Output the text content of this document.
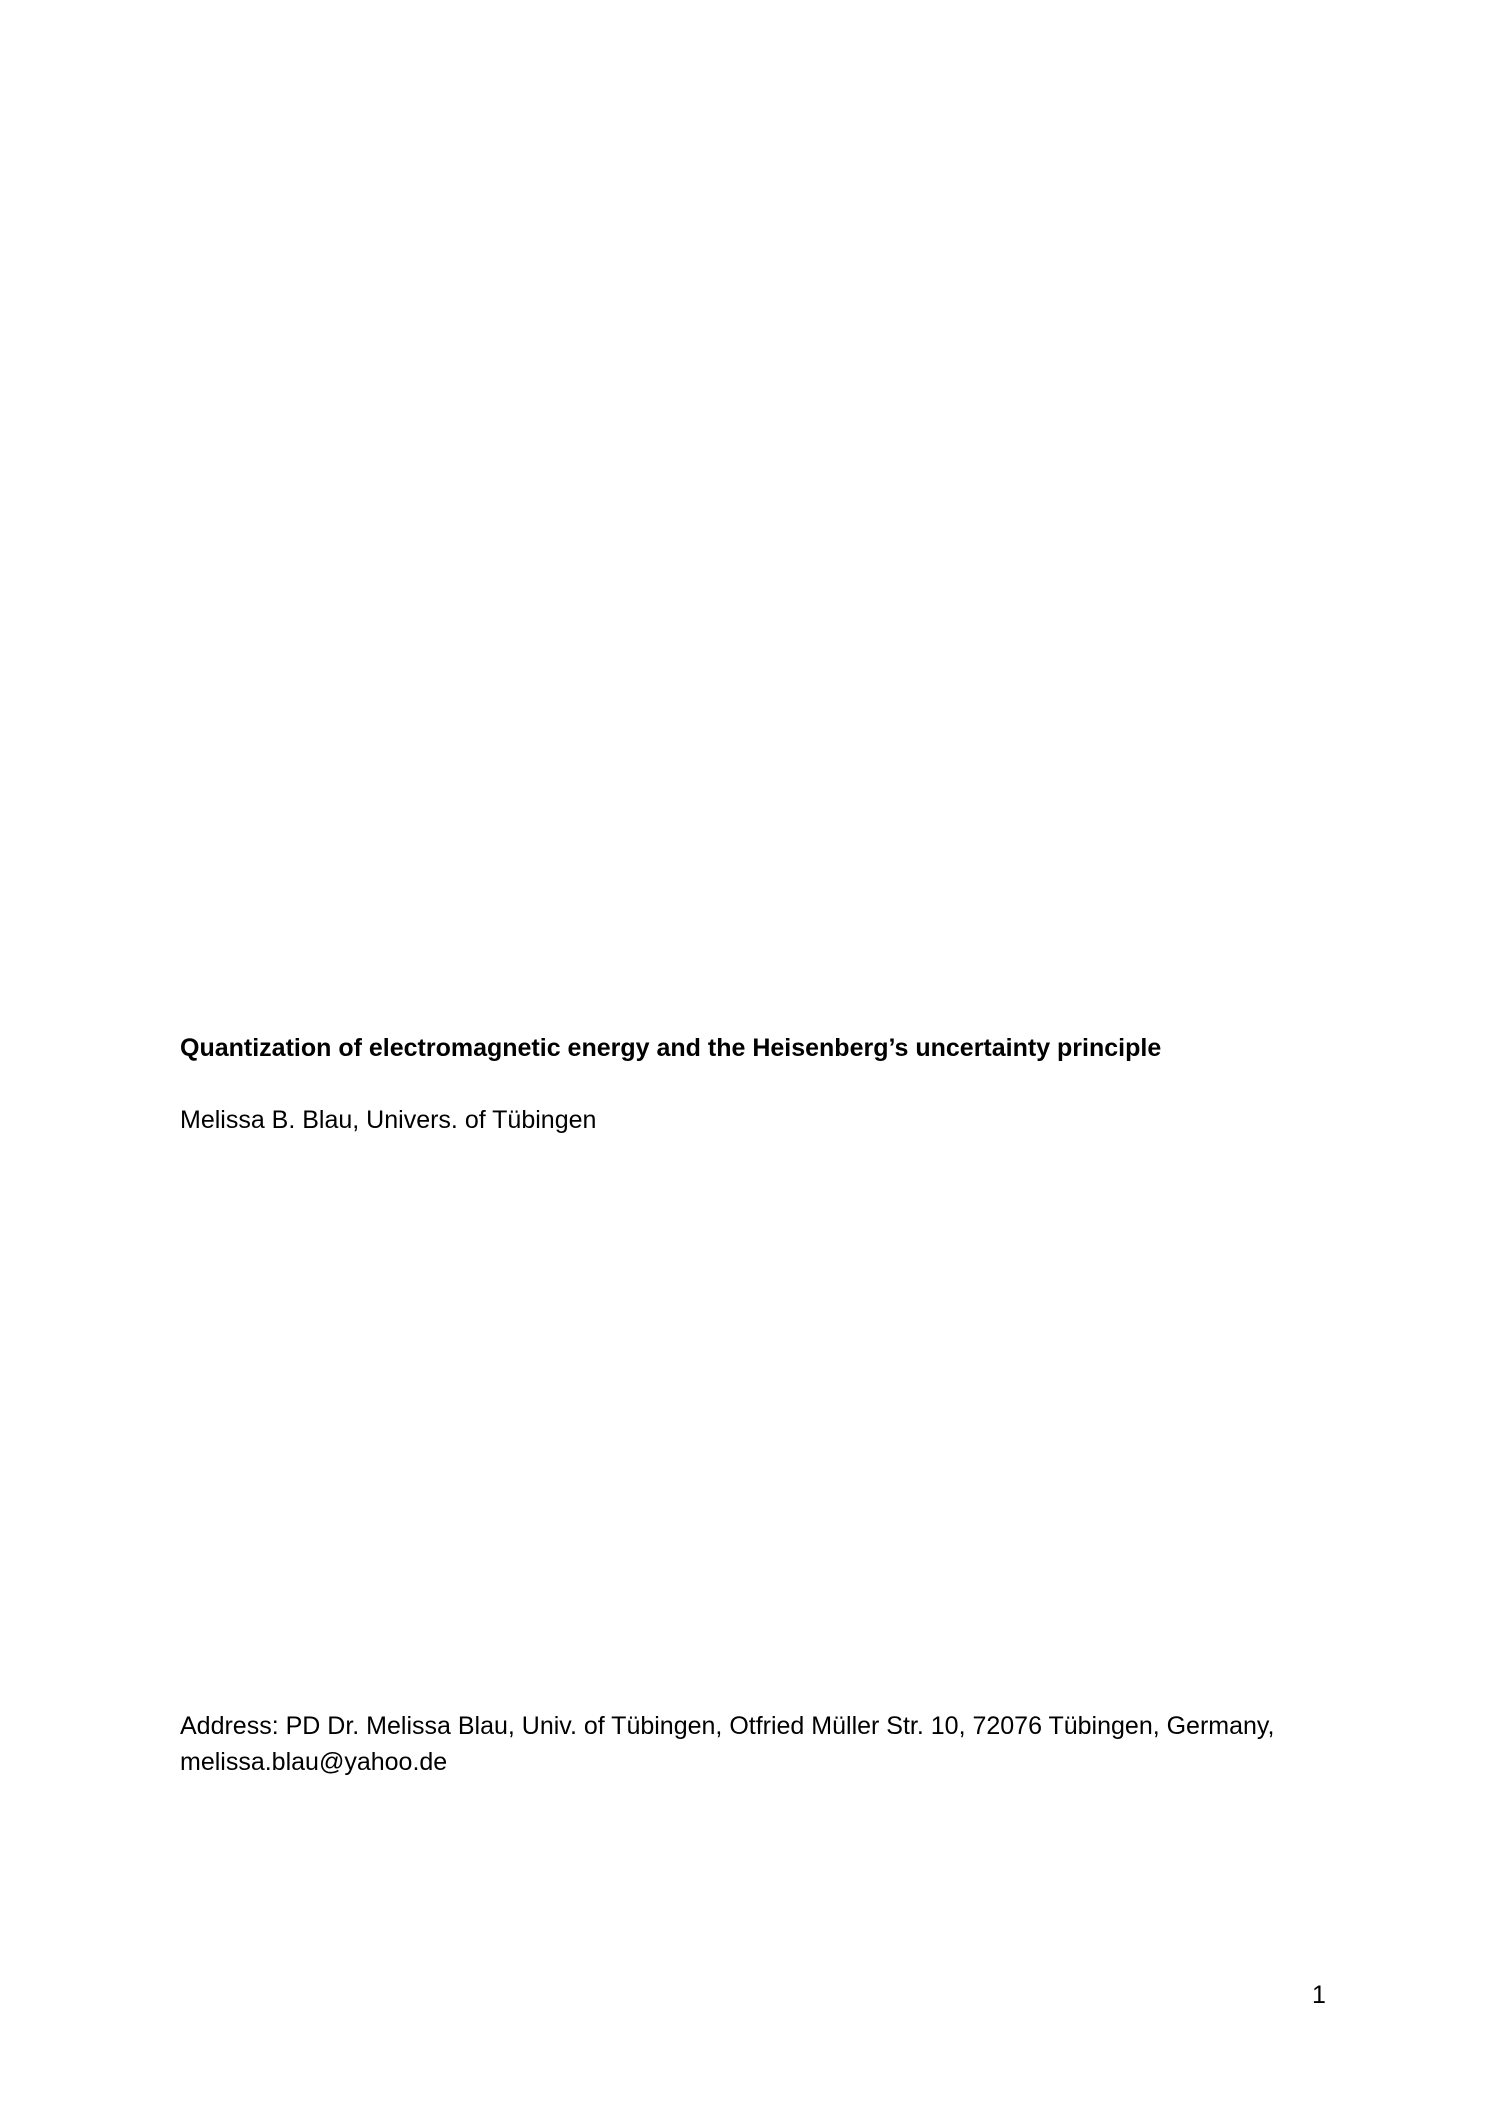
Quantization of electromagnetic energy and the Heisenberg’s uncertainty principle
Melissa B. Blau, Univers. of Tübingen
Address: PD Dr. Melissa Blau, Univ. of Tübingen, Otfried Müller Str. 10, 72076 Tübingen, Germany,
melissa.blau@yahoo.de
1
